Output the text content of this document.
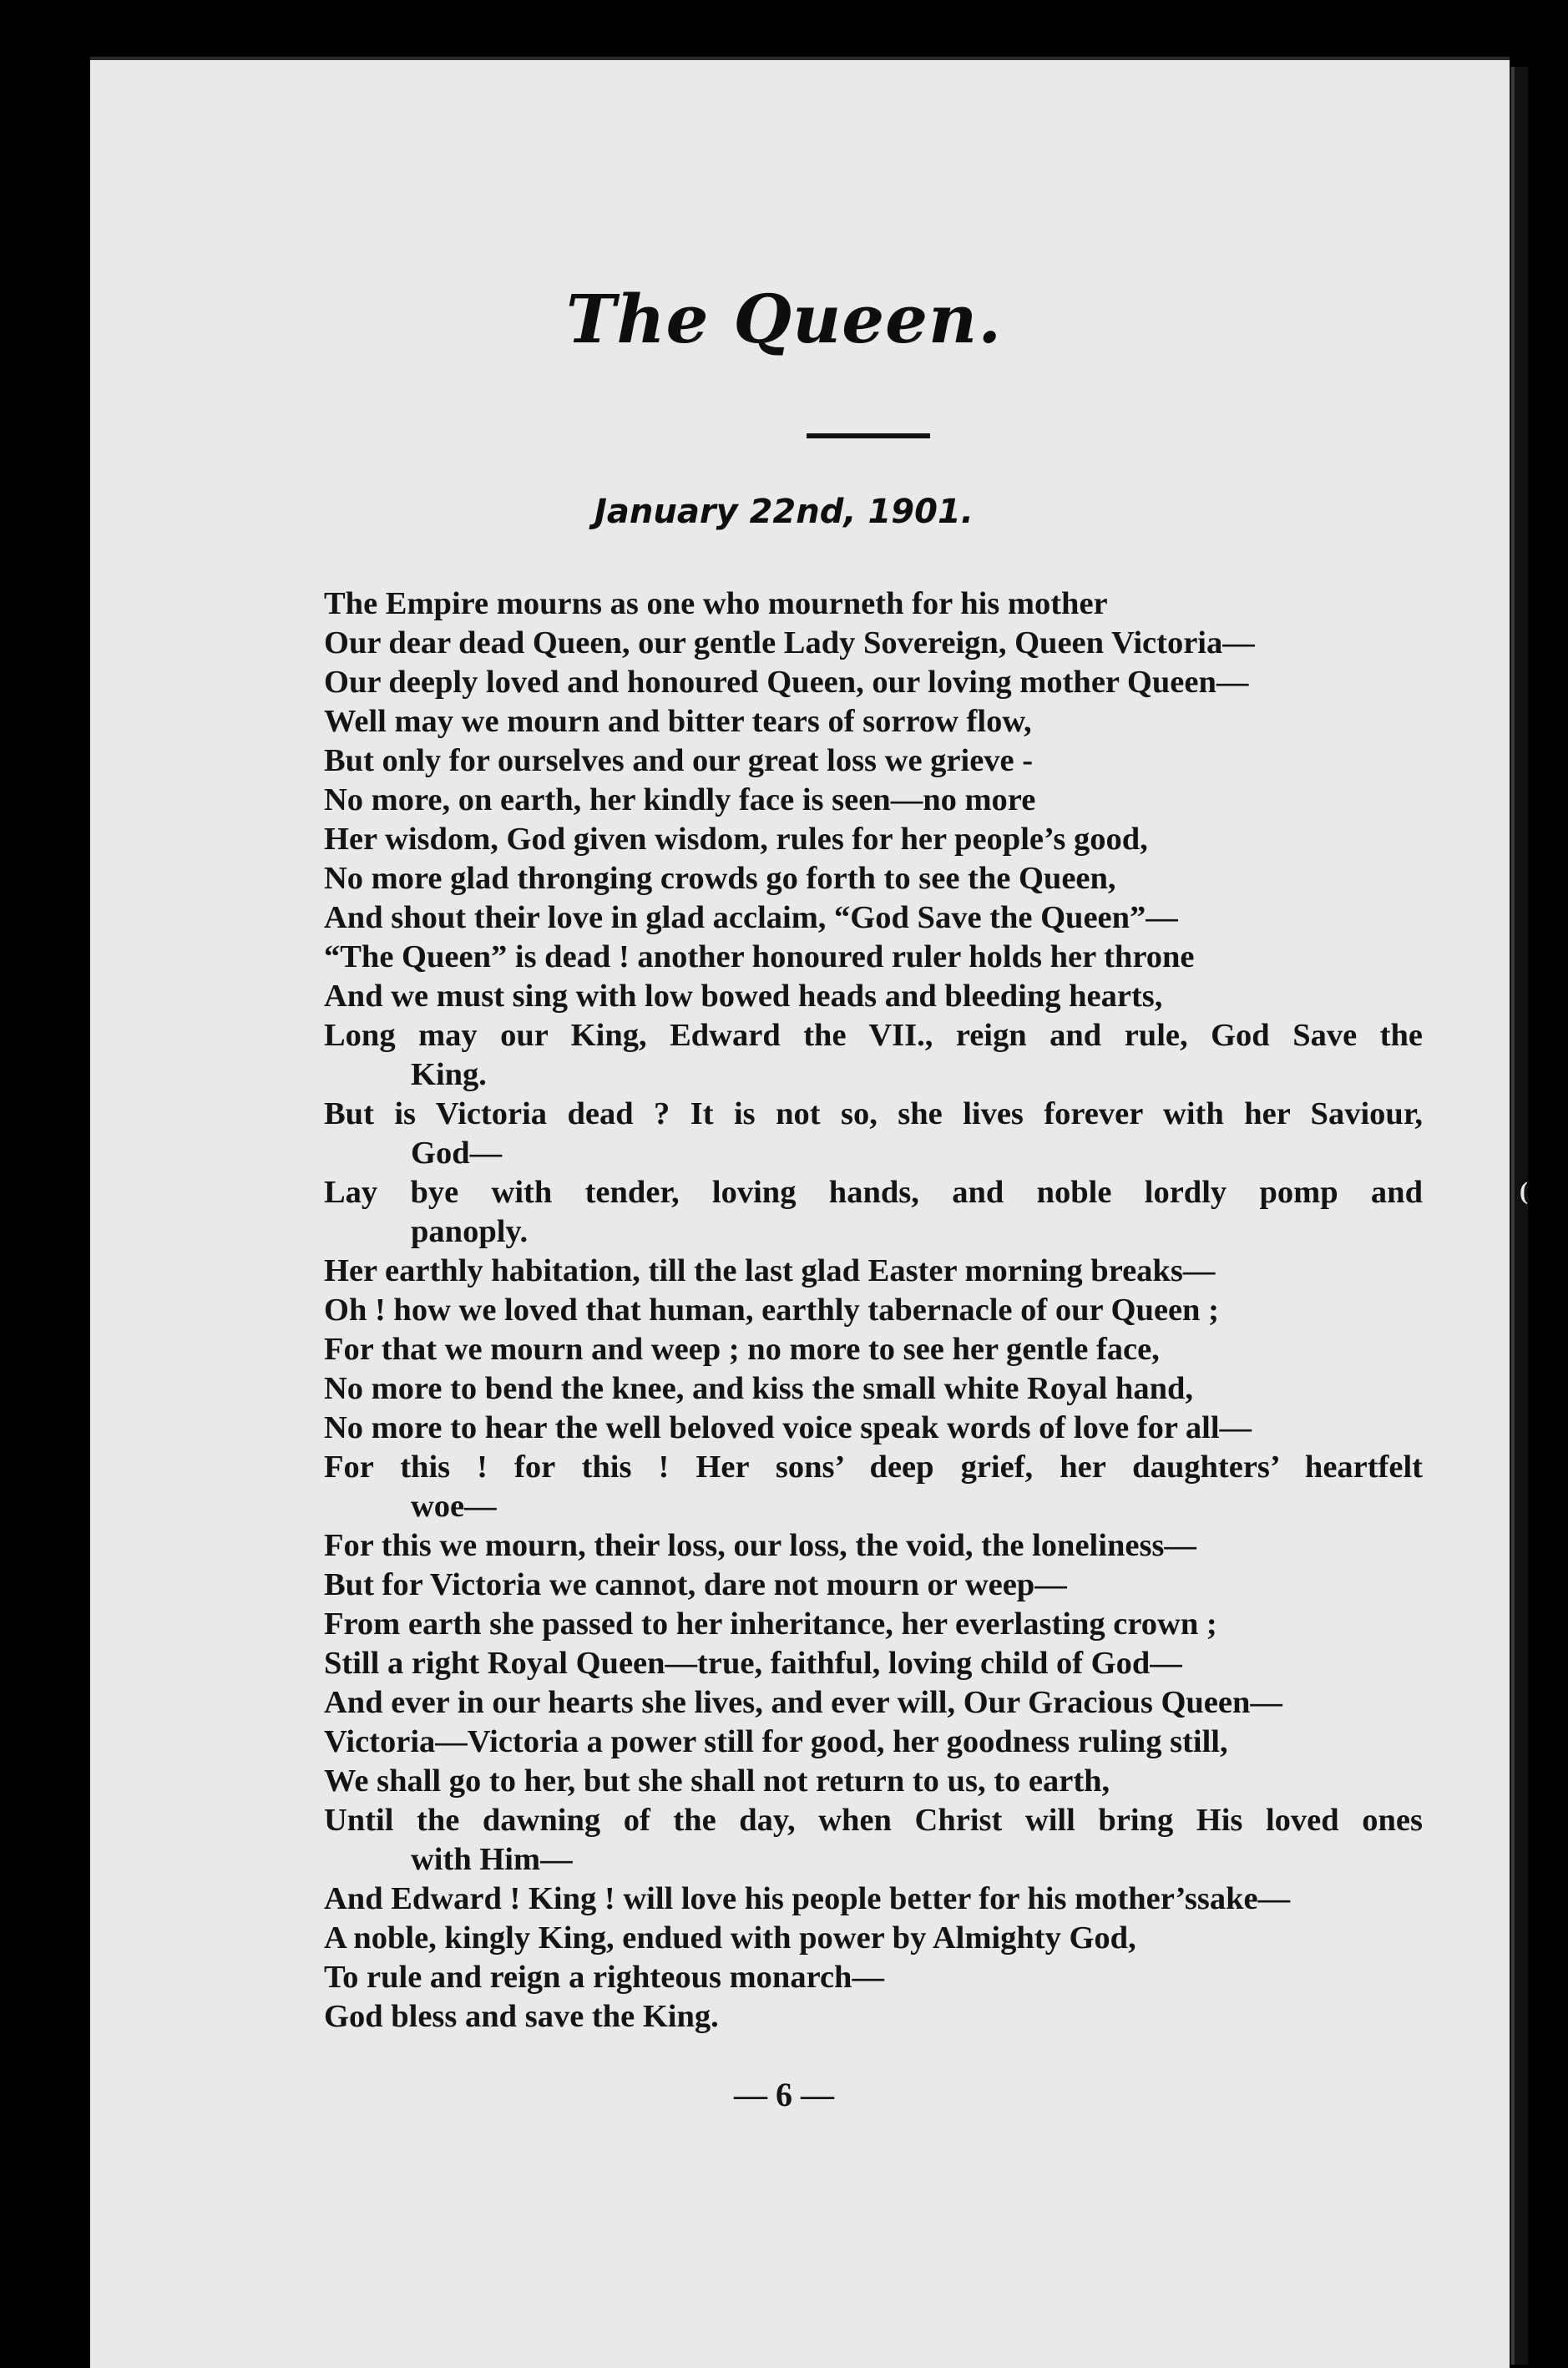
The Queen.
January 22nd, 1901.
The Empire mourns as one who mourneth for his mother
Our dear dead Queen, our gentle Lady Sovereign, Queen Victoria—
Our deeply loved and honoured Queen, our loving mother Queen—
Well may we mourn and bitter tears of sorrow flow,
But only for ourselves and our great loss we grieve -
No more, on earth, her kindly face is seen—no more
Her wisdom, God given wisdom, rules for her people’s good,
No more glad thronging crowds go forth to see the Queen,
And shout their love in glad acclaim, “God Save the Queen”—
“The Queen” is dead ! another honoured ruler holds her throne
And we must sing with low bowed heads and bleeding hearts,
Long may our King, Edward the VII., reign and rule, God Save the
King.
But is Victoria dead ? It is not so, she lives forever with her Saviour,
God—
Lay bye with tender, loving hands, and noble lordly pomp and
panoply.
Her earthly habitation, till the last glad Easter morning breaks—
Oh ! how we loved that human, earthly tabernacle of our Queen ;
For that we mourn and weep ; no more to see her gentle face,
No more to bend the knee, and kiss the small white Royal hand,
No more to hear the well beloved voice speak words of love for all—
For this ! for this ! Her sons’ deep grief, her daughters’ heartfelt
woe—
For this we mourn, their loss, our loss, the void, the loneliness—
But for Victoria we cannot, dare not mourn or weep—
From earth she passed to her inheritance, her everlasting crown ;
Still a right Royal Queen—true, faithful, loving child of God—
And ever in our hearts she lives, and ever will, Our Gracious Queen—
Victoria—Victoria a power still for good, her goodness ruling still,
We shall go to her, but she shall not return to us, to earth,
Until the dawning of the day, when Christ will bring His loved ones
with Him—
And Edward ! King ! will love his people better for his mother’ssake—
A noble, kingly King, endued with power by Almighty God,
To rule and reign a righteous monarch—
God bless and save the King.
— 6 —
(
